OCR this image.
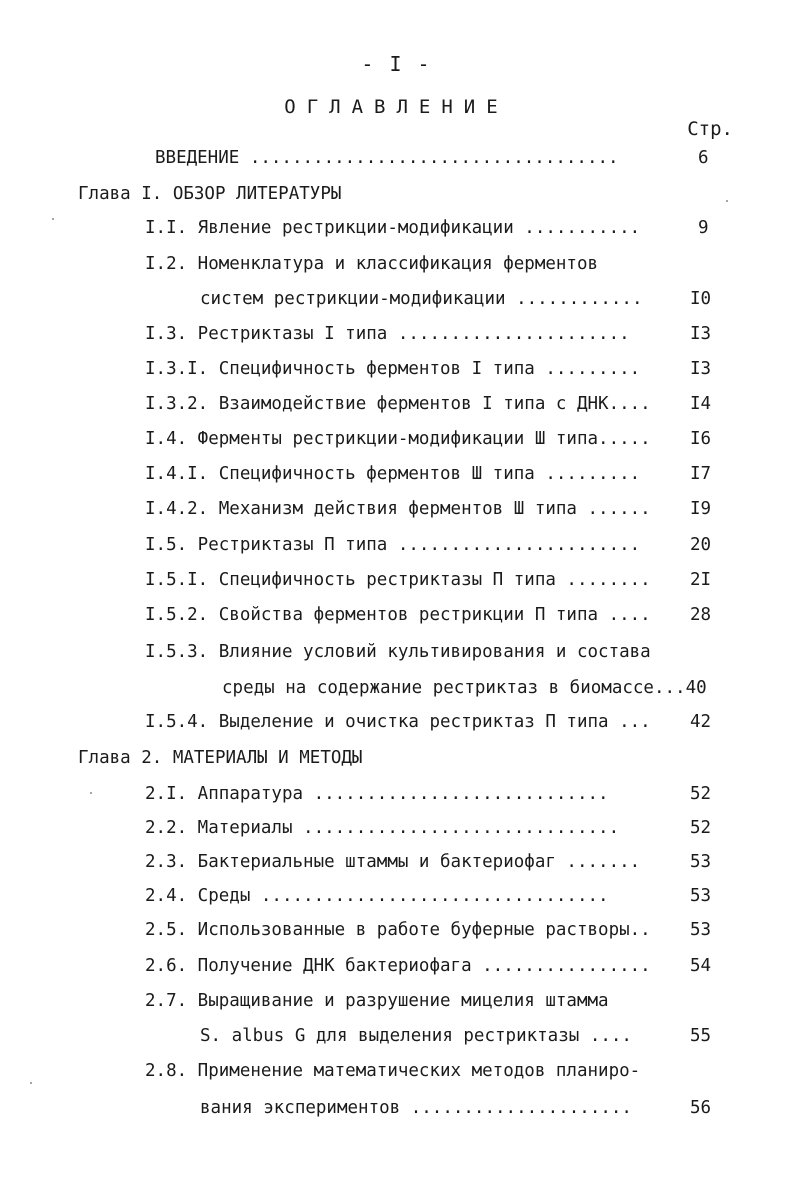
- I -
ОГЛАВЛЕНИЕ
Стр.
ВВЕДЕНИЕ ...................................	6
Глава I. ОБЗОР ЛИТЕРАТУРЫ
I.I. Явление рестрикции-модификации ...........	9
I.2. Номенклатура и классификация ферментов
систем рестрикции-модификации ............	I0
I.3. Рестриктазы I типа ......................	I3
I.3.I. Специфичность ферментов I типа .........	I3
I.3.2. Взаимодействие ферментов I типа с ДНК.... I4
I.4. Ферменты рестрикции-модификации Ш типа..... I6
I.4.I. Специфичность ферментов Ш типа .........	I7
I.4.2. Механизм действия ферментов Ш типа ...... I9
I.5. Рестриктазы П типа .......................	20
I.5.I. Специфичность рестриктазы П типа ........ 2I
I.5.2. Свойства ферментов рестрикции П типа .... 28
I.5.3. Влияние условий культивирования и состава
среды на содержание рестриктаз в биомассе...40
I.5.4. Выделение и очистка рестриктаз П типа ... 42
Глава 2. МАТЕРИАЛЫ И МЕТОДЫ
2.I. Аппаратура ............................	52
2.2. Материалы ..............................	52
2.3. Бактериальные штаммы и бактериофаг .......	53
2.4. Среды .................................	53
2.5. Использованные в работе буферные растворы.. 53
2.6. Получение ДНК бактериофага ................ 54
2.7. Выращивание и разрушение мицелия штамма
S. albus G для выделения рестриктазы ....	55
2.8. Применение математических методов планиро-
вания экспериментов .....................	56
